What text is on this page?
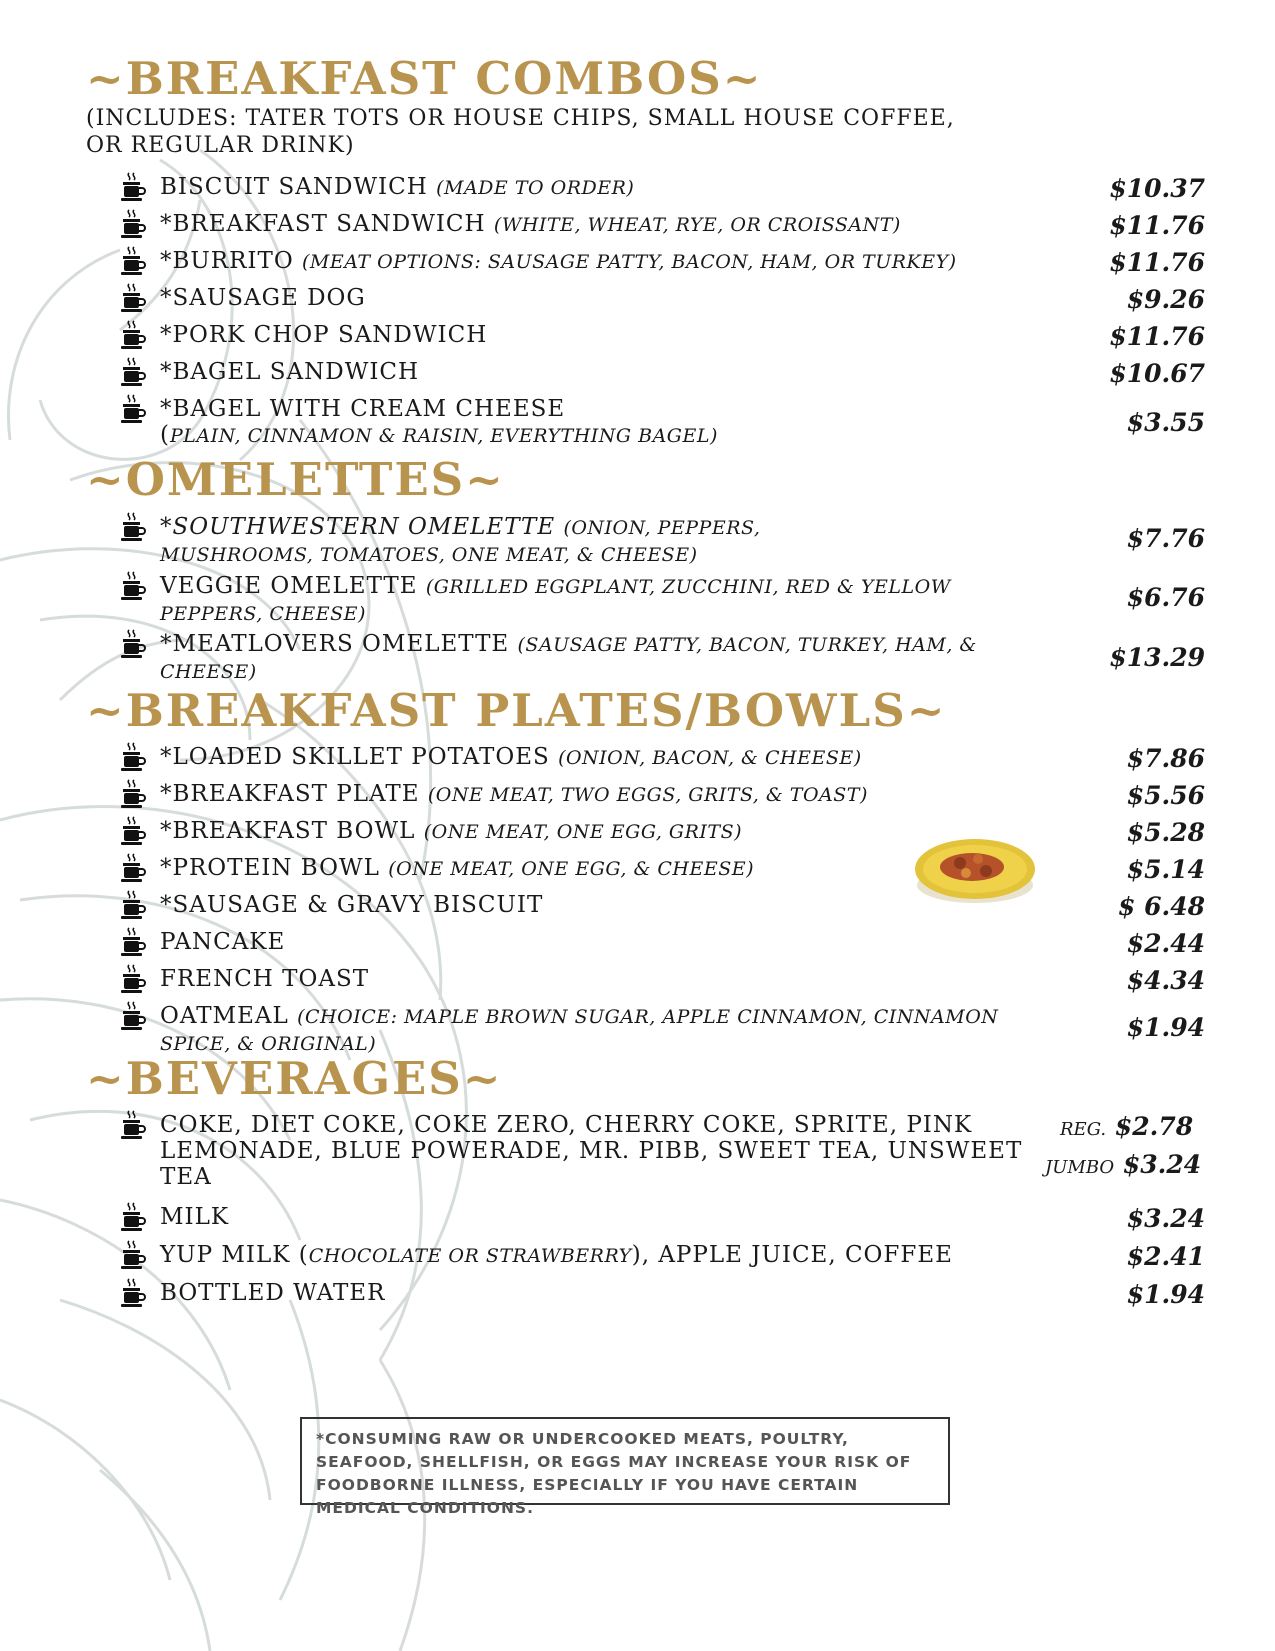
~BREAKFAST COMBOS~
(INCLUDES: TATER TOTS OR HOUSE CHIPS, SMALL HOUSE COFFEE, OR REGULAR DRINK)
BISCUIT SANDWICH (MADE TO ORDER)	$10.37
*BREAKFAST SANDWICH (WHITE, WHEAT, RYE, OR CROISSANT)	$11.76
*BURRITO (MEAT OPTIONS: SAUSAGE PATTY, BACON, HAM, OR TURKEY)	$11.76
*SAUSAGE DOG	$9.26
*PORK CHOP SANDWICH	$11.76
*BAGEL SANDWICH	$10.67
*BAGEL WITH CREAM CHEESE
(PLAIN, CINNAMON & RAISIN, EVERYTHING BAGEL)	$3.55
~OMELETTES~
*SOUTHWESTERN OMELETTE (ONION, PEPPERS, MUSHROOMS, TOMATOES, ONE MEAT, & CHEESE)
$7.76
VEGGIE OMELETTE (GRILLED EGGPLANT, ZUCCHINI, RED & YELLOW PEPPERS, CHEESE)
$6.76
*MEATLOVERS OMELETTE (SAUSAGE PATTY, BACON, TURKEY, HAM, & CHEESE)	$13.29
~BREAKFAST PLATES/BOWLS~
*LOADED SKILLET POTATOES (ONION, BACON, & CHEESE)	$7.86
*BREAKFAST PLATE (ONE MEAT, TWO EGGS, GRITS, & TOAST)	$5.56
*BREAKFAST BOWL (ONE MEAT, ONE EGG, GRITS)	$5.28
*PROTEIN BOWL (ONE MEAT, ONE EGG, & CHEESE)	$5.14
*SAUSAGE & GRAVY BISCUIT	$ 6.48
PANCAKE	$2.44
FRENCH TOAST	$4.34
OATMEAL (CHOICE: MAPLE BROWN SUGAR, APPLE CINNAMON, CINNAMON SPICE, & ORIGINAL)
$1.94
~BEVERAGES~
COKE, DIET COKE, COKE ZERO, CHERRY COKE, SPRITE, PINK LEMONADE, BLUE POWERADE, MR. PIBB, SWEET TEA, UNSWEET TEA
REG. $2.78
JUMBO $3.24
MILK	$3.24
YUP MILK (CHOCOLATE OR STRAWBERRY), APPLE JUICE, COFFEE	$2.41
BOTTLED WATER	$1.94
*CONSUMING RAW OR UNDERCOOKED MEATS, POULTRY, SEAFOOD, SHELLFISH, OR EGGS MAY INCREASE YOUR RISK OF FOODBORNE ILLNESS, ESPECIALLY IF YOU HAVE CERTAIN MEDICAL CONDITIONS.
